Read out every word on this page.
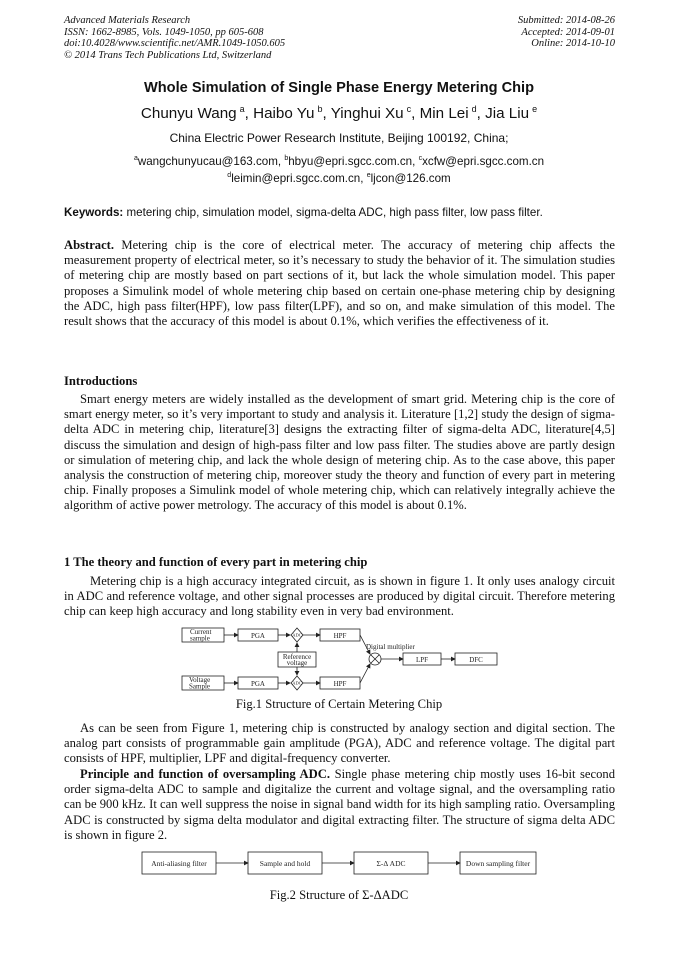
Advanced Materials Research
ISSN: 1662-8985, Vols. 1049-1050, pp 605-608
doi:10.4028/www.scientific.net/AMR.1049-1050.605
© 2014 Trans Tech Publications Ltd, Switzerland
Submitted: 2014-08-26
Accepted: 2014-09-01
Online: 2014-10-10
Whole Simulation of Single Phase Energy Metering Chip
Chunyu Wang  $^a$, Haibo Yu  $^b$, Yinghui Xu  $^c$, Min Lei  $^d$, Jia Liu  $^e$
China Electric Power Research Institute, Beijing 100192, China;
$^a$wangchunyucau@163.com, $^b$hbyu@epri.sgcc.com.cn, $^c$xcfw@epri.sgcc.com.cn
$^d$leimin@epri.sgcc.com.cn, $^e$ljcon@126.com
Keywords: metering chip, simulation model, sigma-delta ADC, high pass filter, low pass filter.
Abstract. Metering chip is the core of electrical meter. The accuracy of metering chip affects the measurement property of electrical meter, so it’s necessary to study the behavior of it. The simulation studies of metering chip are mostly based on part sections of it, but lack the whole simulation model. This paper proposes a Simulink model of whole metering chip based on certain one-phase metering chip by designing the ADC, high pass filter(HPF), low pass filter(LPF), and so on, and make simulation of this model. The result shows that the accuracy of this model is about 0.1%, which verifies the effectiveness of it.
Introductions
Smart energy meters are widely installed as the development of smart grid. Metering chip is the core of smart energy meter, so it’s very important to study and analysis it. Literature [1,2] study the design of sigma-delta ADC in metering chip, literature[3] designs the extracting filter of sigma-delta ADC, literature[4,5] discuss the simulation and design of high-pass filter and low pass filter. The studies above are partly design or simulation of metering chip, and lack the whole design of metering chip. As to the case above, this paper analysis the construction of metering chip, moreover study the theory and function of every part in metering chip. Finally proposes a Simulink model of whole metering chip, which can relatively integrally achieve the algorithm of active power metrology. The accuracy of this model is about 0.1%.
1 The theory and function of every part in metering chip
Metering chip is a high accuracy integrated circuit, as is shown in figure 1. It only uses analogy circuit in ADC and reference voltage, and other signal processes are produced by digital circuit. Therefore metering chip can keep high accuracy and long stability even in very bad environment.
Current
sample
Voltage
Sample
PGA
PGA
HPF
HPF
ADC
ADC
Reference
voltage
Digital multiplier
LPF	DFC
Fig.1 Structure of Certain Metering Chip
As can be seen from Figure 1, metering chip is constructed by analogy section and digital section. The analog part consists of programmable gain amplitude (PGA), ADC and reference voltage. The digital part consists of HPF, multiplier, LPF and digital-frequency converter.
Principle and function of oversampling ADC. Single phase metering chip mostly uses 16-bit second order sigma-delta ADC to sample and digitalize the current and voltage signal, and the oversampling ratio can be 900 kHz. It can well suppress the noise in signal band width for its high sampling ratio. Oversampling ADC is constructed by sigma delta modulator and digital extracting filter. The structure of sigma delta ADC is shown in figure 2.
Anti-aliasing filter	Sample and hold	Σ-Δ ADC	Down sampling filter
Fig.2 Structure of Σ-ΔADC
